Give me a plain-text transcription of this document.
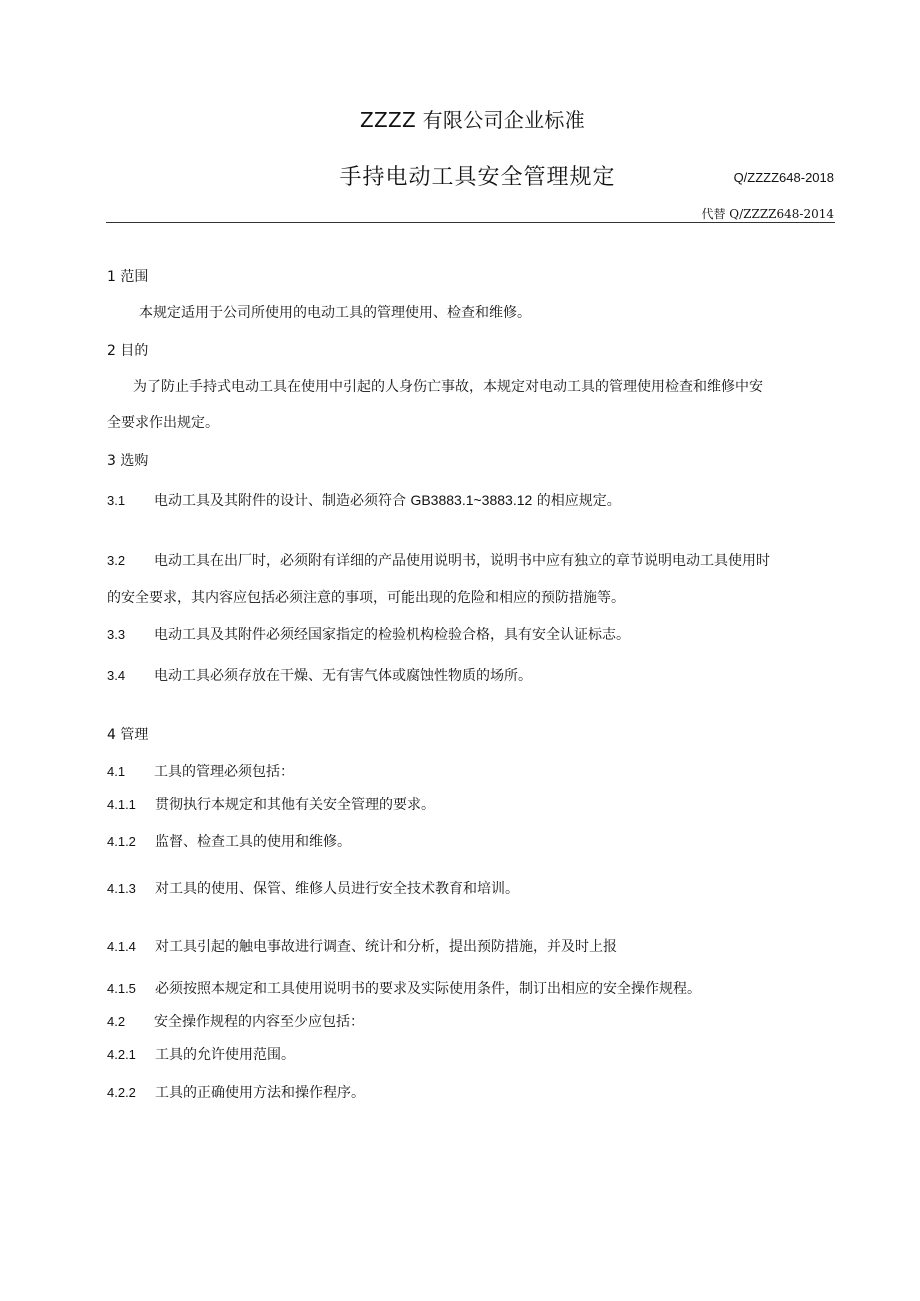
ZZZZ 有限公司企业标准
手持电动工具安全管理规定	Q/ZZZZ648-2018
代替 Q/ZZZZ648-2014
1 范围
本规定适用于公司所使用的电动工具的管理使用、检查和维修。
2 目的
为了防止手持式电动工具在使用中引起的人身伤亡事故，本规定对电动工具的管理使用检查和维修中安
全要求作出规定。
3 选购
3.1 电动工具及其附件的设计、制造必须符合 GB3883.1~3883.12 的相应规定。
3.2 电动工具在出厂时，必须附有详细的产品使用说明书，说明书中应有独立的章节说明电动工具使用时
的安全要求，其内容应包括必须注意的事项，可能出现的危险和相应的预防措施等。
3.3 电动工具及其附件必须经国家指定的检验机构检验合格，具有安全认证标志。
3.4 电动工具必须存放在干燥、无有害气体或腐蚀性物质的场所。
4 管理
4.1 工具的管理必须包括：
4.1.1 贯彻执行本规定和其他有关安全管理的要求。
4.1.2 监督、检查工具的使用和维修。
4.1.3 对工具的使用、保管、维修人员进行安全技术教育和培训。
4.1.4 对工具引起的触电事故进行调查、统计和分析，提出预防措施，并及时上报
4.1.5 必须按照本规定和工具使用说明书的要求及实际使用条件，制订出相应的安全操作规程。
4.2 安全操作规程的内容至少应包括：
4.2.1 工具的允许使用范围。
4.2.2 工具的正确使用方法和操作程序。
